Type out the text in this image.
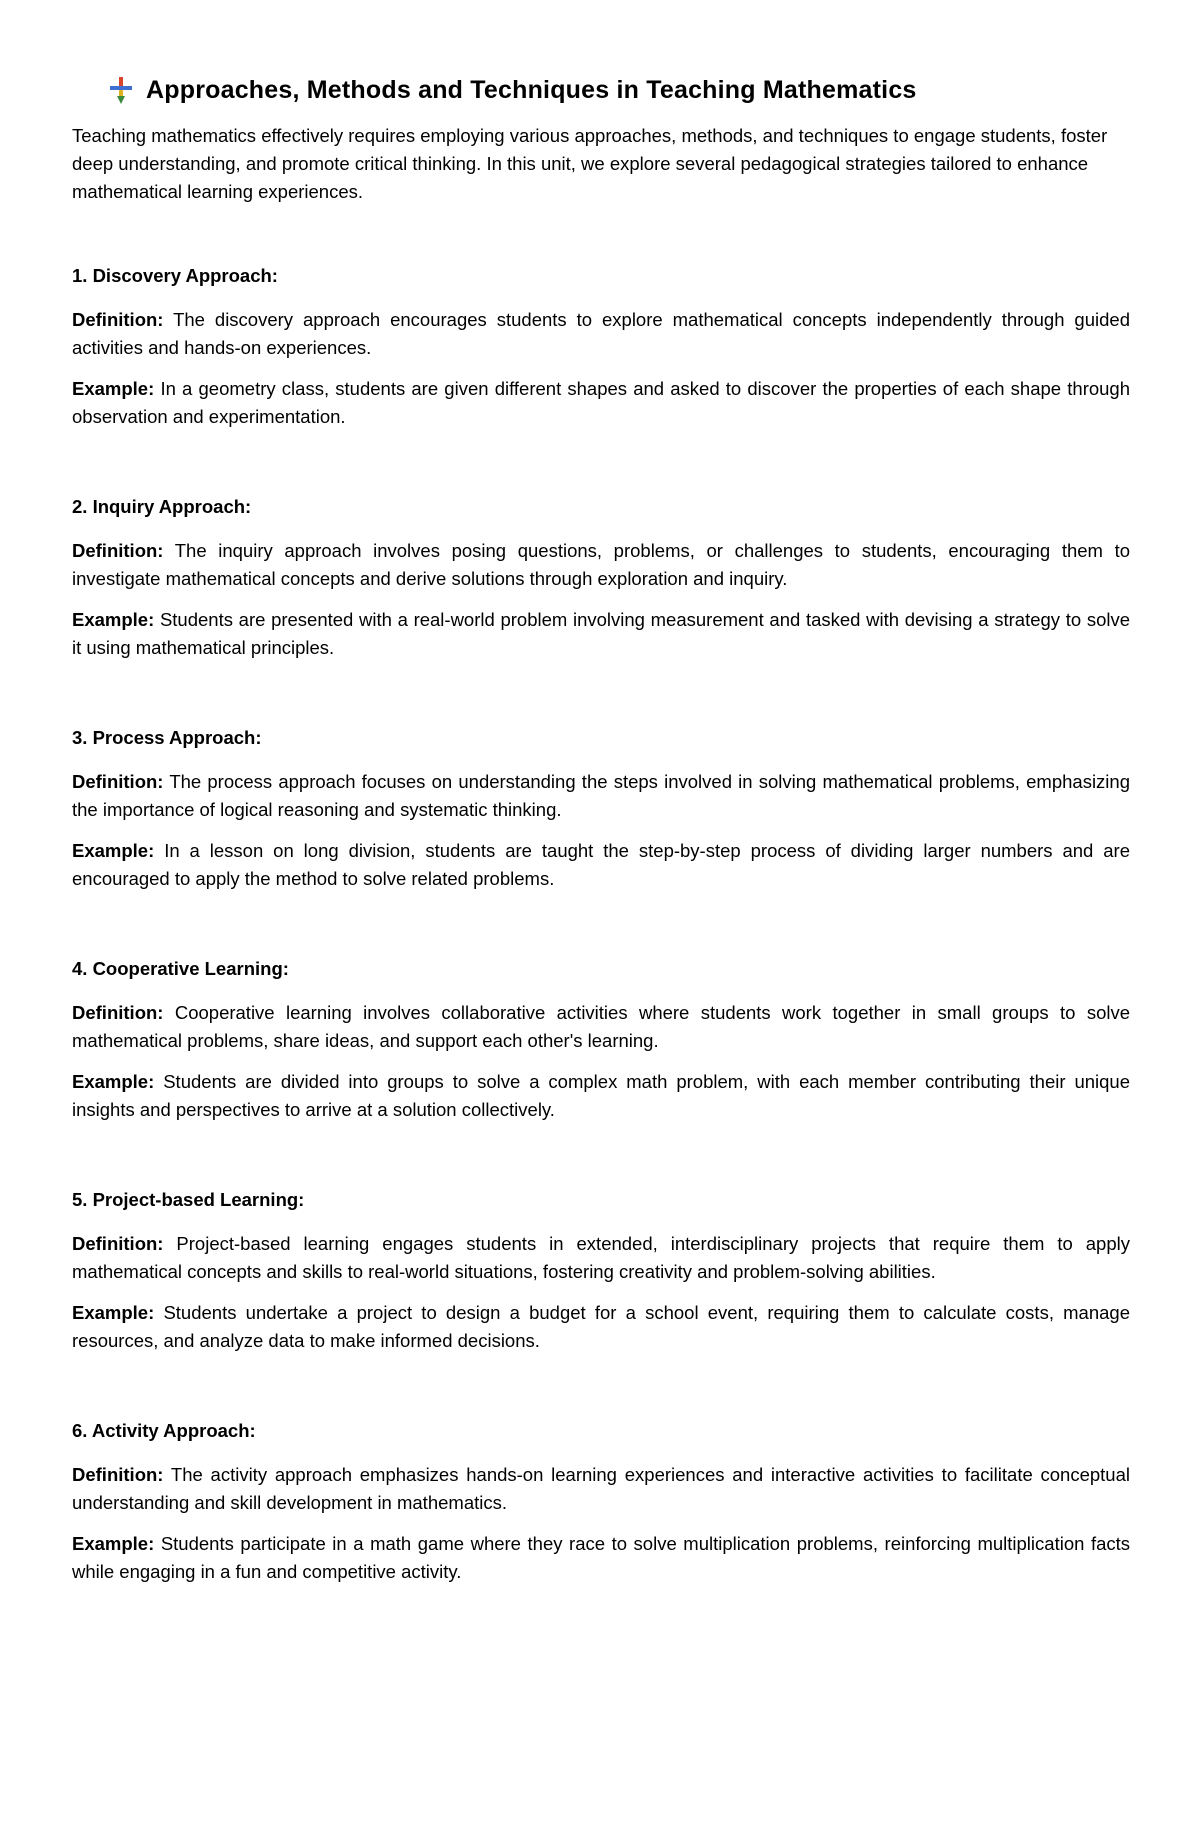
Approaches, Methods and Techniques in Teaching Mathematics

Teaching mathematics effectively requires employing various approaches, methods, and techniques to engage students, foster deep understanding, and promote critical thinking. In this unit, we explore several pedagogical strategies tailored to enhance mathematical learning experiences.

1. Discovery Approach:

Definition: The discovery approach encourages students to explore mathematical concepts independently through guided activities and hands-on experiences.

Example: In a geometry class, students are given different shapes and asked to discover the properties of each shape through observation and experimentation.

2. Inquiry Approach:

Definition: The inquiry approach involves posing questions, problems, or challenges to students, encouraging them to investigate mathematical concepts and derive solutions through exploration and inquiry.

Example: Students are presented with a real-world problem involving measurement and tasked with devising a strategy to solve it using mathematical principles.

3. Process Approach:

Definition: The process approach focuses on understanding the steps involved in solving mathematical problems, emphasizing the importance of logical reasoning and systematic thinking.

Example: In a lesson on long division, students are taught the step-by-step process of dividing larger numbers and are encouraged to apply the method to solve related problems.

4. Cooperative Learning:

Definition: Cooperative learning involves collaborative activities where students work together in small groups to solve mathematical problems, share ideas, and support each other's learning.

Example: Students are divided into groups to solve a complex math problem, with each member contributing their unique insights and perspectives to arrive at a solution collectively.

5. Project-based Learning:

Definition: Project-based learning engages students in extended, interdisciplinary projects that require them to apply mathematical concepts and skills to real-world situations, fostering creativity and problem-solving abilities.

Example: Students undertake a project to design a budget for a school event, requiring them to calculate costs, manage resources, and analyze data to make informed decisions.

6. Activity Approach:

Definition: The activity approach emphasizes hands-on learning experiences and interactive activities to facilitate conceptual understanding and skill development in mathematics.

Example: Students participate in a math game where they race to solve multiplication problems, reinforcing multiplication facts while engaging in a fun and competitive activity.
